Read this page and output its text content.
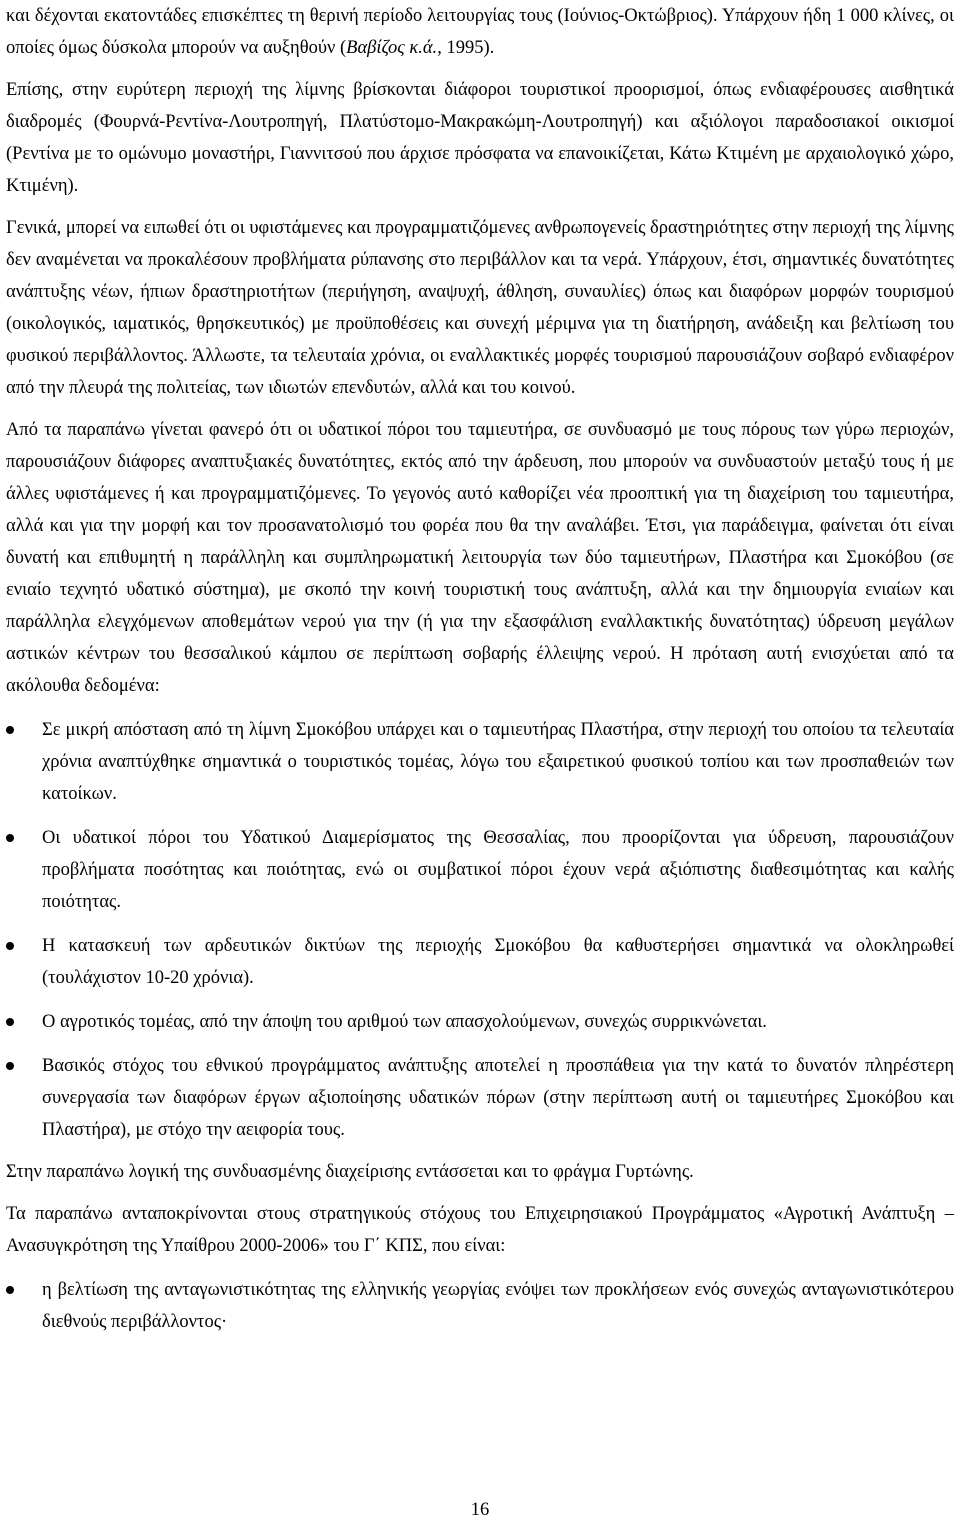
και δέχονται εκατοντάδες επισκέπτες τη θερινή περίοδο λειτουργίας τους (Ιούνιος-Οκτώβριος). Υπάρχουν ήδη 1 000 κλίνες, οι οποίες όμως δύσκολα μπορούν να αυξηθούν (Βαβίζος κ.ά., 1995).

Επίσης, στην ευρύτερη περιοχή της λίμνης βρίσκονται διάφοροι τουριστικοί προορισμοί, όπως ενδιαφέρουσες αισθητικά διαδρομές (Φουρνά-Ρεντίνα-Λουτροπηγή, Πλατύστομο-Μακρακώμη-Λουτροπηγή) και αξιόλογοι παραδοσιακοί οικισμοί (Ρεντίνα με το ομώνυμο μοναστήρι, Γιαννιτσού που άρχισε πρόσφατα να επανοικίζεται, Κάτω Κτιμένη με αρχαιολογικό χώρο, Κτιμένη).

Γενικά, μπορεί να ειπωθεί ότι οι υφιστάμενες και προγραμματιζόμενες ανθρωπογενείς δραστηριότητες στην περιοχή της λίμνης δεν αναμένεται να προκαλέσουν προβλήματα ρύπανσης στο περιβάλλον και τα νερά. Υπάρχουν, έτσι, σημαντικές δυνατότητες ανάπτυξης νέων, ήπιων δραστηριοτήτων (περιήγηση, αναψυχή, άθληση, συναυλίες) όπως και διαφόρων μορφών τουρισμού (οικολογικός, ιαματικός, θρησκευτικός) με προϋποθέσεις και συνεχή μέριμνα για τη διατήρηση, ανάδειξη και βελτίωση του φυσικού περιβάλλοντος. Άλλωστε, τα τελευταία χρόνια, οι εναλλακτικές μορφές τουρισμού παρουσιάζουν σοβαρό ενδιαφέρον από την πλευρά της πολιτείας, των ιδιωτών επενδυτών, αλλά και του κοινού.

Από τα παραπάνω γίνεται φανερό ότι οι υδατικοί πόροι του ταμιευτήρα, σε συνδυασμό με τους πόρους των γύρω περιοχών, παρουσιάζουν διάφορες αναπτυξιακές δυνατότητες, εκτός από την άρδευση, που μπορούν να συνδυαστούν μεταξύ τους ή με άλλες υφιστάμενες ή και προγραμματιζόμενες. Το γεγονός αυτό καθορίζει νέα προοπτική για τη διαχείριση του ταμιευτήρα, αλλά και για την μορφή και τον προσανατολισμό του φορέα που θα την αναλάβει. Έτσι, για παράδειγμα, φαίνεται ότι είναι δυνατή και επιθυμητή η παράλληλη και συμπληρωματική λειτουργία των δύο ταμιευτήρων, Πλαστήρα και Σμοκόβου (σε ενιαίο τεχνητό υδατικό σύστημα), με σκοπό την κοινή τουριστική τους ανάπτυξη, αλλά και την δημιουργία ενιαίων και παράλληλα ελεγχόμενων αποθεμάτων νερού για την (ή για την εξασφάλιση εναλλακτικής δυνατότητας) ύδρευση μεγάλων αστικών κέντρων του θεσσαλικού κάμπου σε περίπτωση σοβαρής έλλειψης νερού. Η πρόταση αυτή ενισχύεται από τα ακόλουθα δεδομένα:

Σε μικρή απόσταση από τη λίμνη Σμοκόβου υπάρχει και ο ταμιευτήρας Πλαστήρα, στην περιοχή του οποίου τα τελευταία χρόνια αναπτύχθηκε σημαντικά ο τουριστικός τομέας, λόγω του εξαιρετικού φυσικού τοπίου και των προσπαθειών των κατοίκων.
Οι υδατικοί πόροι του Υδατικού Διαμερίσματος της Θεσσαλίας, που προορίζονται για ύδρευση, παρουσιάζουν προβλήματα ποσότητας και ποιότητας, ενώ οι συμβατικοί πόροι έχουν νερά αξιόπιστης διαθεσιμότητας και καλής ποιότητας.
Η κατασκευή των αρδευτικών δικτύων της περιοχής Σμοκόβου θα καθυστερήσει σημαντικά να ολοκληρωθεί (τουλάχιστον 10-20 χρόνια).
Ο αγροτικός τομέας, από την άποψη του αριθμού των απασχολούμενων, συνεχώς συρρικνώνεται.
Βασικός στόχος του εθνικού προγράμματος ανάπτυξης αποτελεί η προσπάθεια για την κατά το δυνατόν πληρέστερη συνεργασία των διαφόρων έργων αξιοποίησης υδατικών πόρων (στην περίπτωση αυτή οι ταμιευτήρες Σμοκόβου και Πλαστήρα), με στόχο την αειφορία τους.

Στην παραπάνω λογική της συνδυασμένης διαχείρισης εντάσσεται και το φράγμα Γυρτώνης.

Τα παραπάνω ανταποκρίνονται στους στρατηγικούς στόχους του Επιχειρησιακού Προγράμματος «Αγροτική Ανάπτυξη – Ανασυγκρότηση της Υπαίθρου 2000-2006» του Γ΄ ΚΠΣ, που είναι:

η βελτίωση της ανταγωνιστικότητας της ελληνικής γεωργίας ενόψει των προκλήσεων ενός συνεχώς ανταγωνιστικότερου διεθνούς περιβάλλοντος·
16
